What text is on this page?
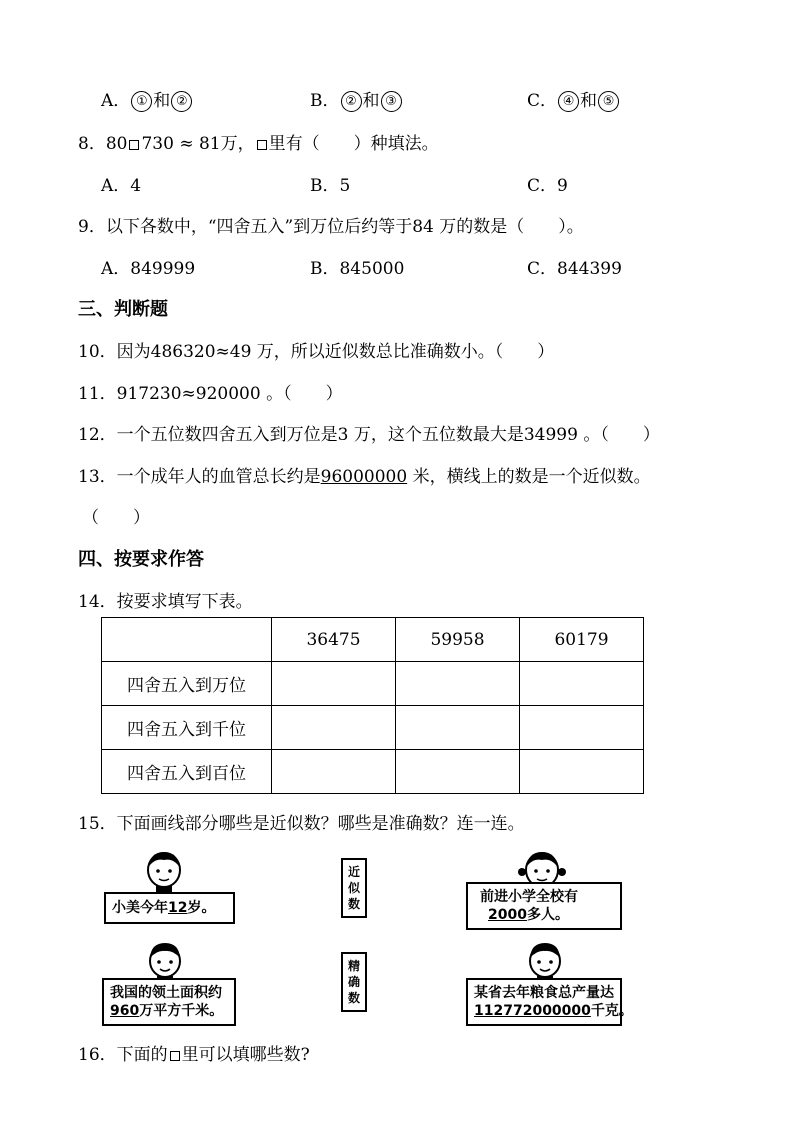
A． ① 和 ②	B． ② 和 ③	C． ④ 和 ⑤
8．80 730 ≈ 81万， 里有（　　）种填法。
A．4	B．5	C．9
9．以下各数中，“四舍五入”到万位后约等于84 万的数是（　　）。
A．849999	B．845000	C．844399
三、判断题
10．因为486320≈49 万，所以近似数总比准确数小。（　　）
11．917230≈920000 。（　　）
12．一个五位数四舍五入到万位是3 万，这个五位数最大是34999 。（　　）
13．一个成年人的血管总长约是96000000 米，横线上的数是一个近似数。
（　　）
四、按要求作答
14．按要求填写下表。
	36475	59958	60179
四舍五入到万位			
四舍五入到千位			
四舍五入到百位			
15．下面画线部分哪些是近似数？哪些是准确数？连一连。
小美今年12岁。
我国的领土面积约
960万平方千米。
近
似
数
精
确
数
前进小学全校有
2000多人。
某省去年粮食总产量达
112772000000千克。
16．下面的 里可以填哪些数?
